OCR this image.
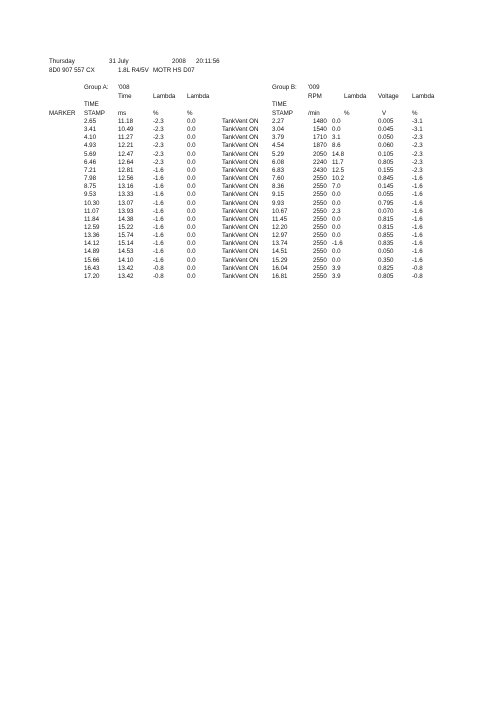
Thursday	31 July	2008 20:11:56
8D0 907 557 CX	1.8L R4/5V MOTR HS D07
Group A: '008
Time	Lambda Lambda
TIME
MARKER STAMP ms	%	%
Group B: '009
RPM	Lambda Voltage Lambda
TIME
STAMP /min	%	V	%
2.65	11.18	-2.3	0.0	TankVent ON 2.27	1480 0.0	0.005	-3.1
3.41	10.49	-2.3	0.0	TankVent ON 3.04	1540 0.0	0.045	-3.1
4.10	11.27	-2.3	0.0	TankVent ON 3.79	1710 3.1	0.050	-2.3
4.93	12.21	-2.3	0.0	TankVent ON 4.54	1870 8.6	0.060	-2.3
5.69	12.47	-2.3	0.0	TankVent ON 5.29	2050 14.8	0.105	-2.3
6.46	12.64	-2.3	0.0	TankVent ON 6.08	2240 11.7	0.805	-2.3
7.21	12.81	-1.6	0.0	TankVent ON 6.83	2430 12.5	0.155	-2.3
7.98	12.56	-1.6	0.0	TankVent ON 7.60	2550 10.2	0.845	-1.6
8.75	13.16	-1.6	0.0	TankVent ON 8.36	2550 7.0	0.145	-1.6
9.53	13.33	-1.6	0.0	TankVent ON 9.15	2550 0.0	0.055	-1.6
10.30	13.07	-1.6	0.0	TankVent ON 9.93	2550 0.0	0.795	-1.6
11.07	13.93	-1.6	0.0	TankVent ON 10.67	2550 2.3	0.070	-1.6
11.84	14.38	-1.6	0.0	TankVent ON 11.45	2550 0.0	0.815	-1.6
12.59	15.22	-1.6	0.0	TankVent ON 12.20	2550 0.0	0.815	-1.6
13.36	15.74	-1.6	0.0	TankVent ON 12.97	2550 0.0	0.855	-1.6
14.12	15.14	-1.6	0.0	TankVent ON 13.74	2550 -1.6	0.835	-1.6
14.89	14.53	-1.6	0.0	TankVent ON 14.51	2550 0.0	0.050	-1.6
15.66	14.10	-1.6	0.0	TankVent ON 15.29	2550 0.0	0.350	-1.6
16.43	13.42	-0.8	0.0	TankVent ON 16.04	2550 3.9	0.825	-0.8
17.20	13.42	-0.8	0.0	TankVent ON 16.81	2550 3.9	0.805	-0.8
